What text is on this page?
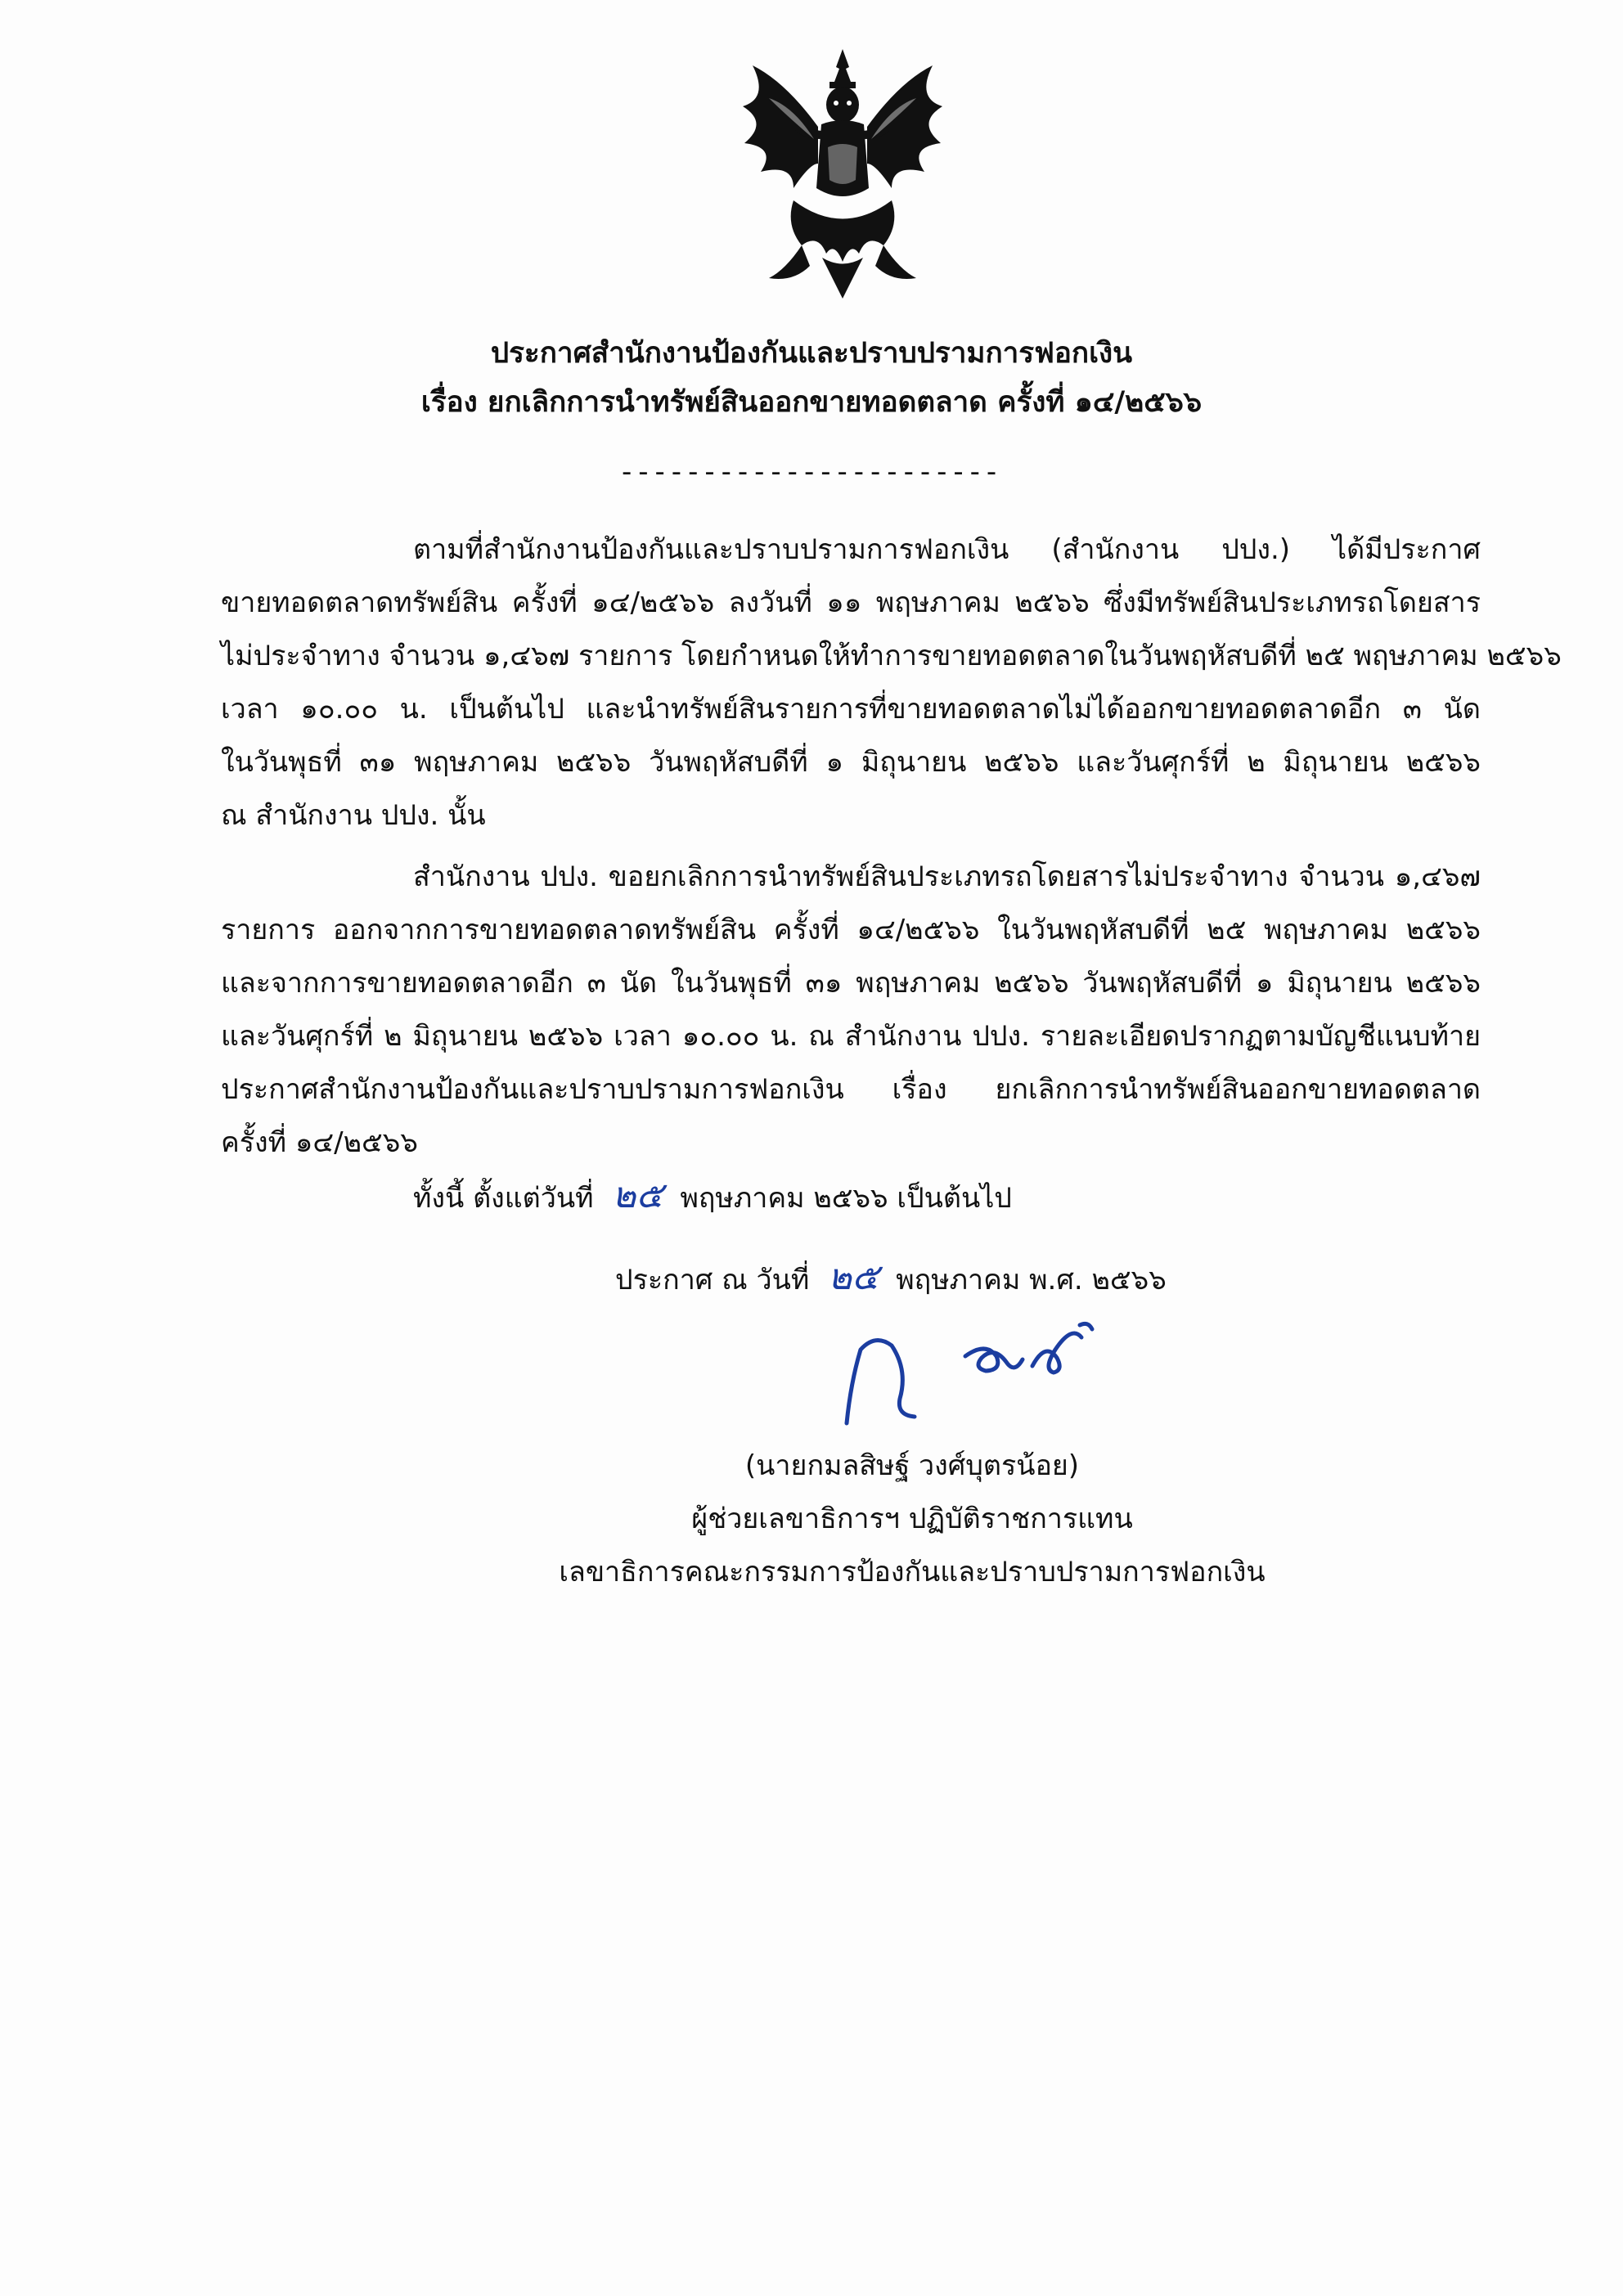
ประกาศสำนักงานป้องกันและปราบปรามการฟอกเงิน
เรื่อง ยกเลิกการนำทรัพย์สินออกขายทอดตลาด ครั้งที่ ๑๔/๒๕๖๖
-----------------------
ตามที่สำนักงานป้องกันและปราบปรามการฟอกเงิน (สำนักงาน ปปง.) ได้มีประกาศ
ขายทอดตลาดทรัพย์สิน ครั้งที่ ๑๔/๒๕๖๖ ลงวันที่ ๑๑ พฤษภาคม ๒๕๖๖ ซึ่งมีทรัพย์สินประเภทรถโดยสาร
ไม่ประจำทาง จำนวน ๑,๔๖๗ รายการ โดยกำหนดให้ทำการขายทอดตลาดในวันพฤหัสบดีที่ ๒๕ พฤษภาคม ๒๕๖๖
เวลา ๑๐.๐๐ น. เป็นต้นไป และนำทรัพย์สินรายการที่ขายทอดตลาดไม่ได้ออกขายทอดตลาดอีก ๓ นัด
ในวันพุธที่ ๓๑ พฤษภาคม ๒๕๖๖ วันพฤหัสบดีที่ ๑ มิถุนายน ๒๕๖๖ และวันศุกร์ที่ ๒ มิถุนายน ๒๕๖๖
ณ สำนักงาน ปปง. นั้น
สำนักงาน ปปง. ขอยกเลิกการนำทรัพย์สินประเภทรถโดยสารไม่ประจำทาง จำนวน ๑,๔๖๗
รายการ ออกจากการขายทอดตลาดทรัพย์สิน ครั้งที่ ๑๔/๒๕๖๖ ในวันพฤหัสบดีที่ ๒๕ พฤษภาคม ๒๕๖๖
และจากการขายทอดตลาดอีก ๓ นัด ในวันพุธที่ ๓๑ พฤษภาคม ๒๕๖๖ วันพฤหัสบดีที่ ๑ มิถุนายน ๒๕๖๖
และวันศุกร์ที่ ๒ มิถุนายน ๒๕๖๖ เวลา ๑๐.๐๐ น. ณ สำนักงาน ปปง. รายละเอียดปรากฏตามบัญชีแนบท้าย
ประกาศสำนักงานป้องกันและปราบปรามการฟอกเงิน เรื่อง ยกเลิกการนำทรัพย์สินออกขายทอดตลาด
ครั้งที่ ๑๔/๒๕๖๖
ทั้งนี้ ตั้งแต่วันที่ ๒๕ พฤษภาคม ๒๕๖๖ เป็นต้นไป
ประกาศ ณ วันที่ ๒๕ พฤษภาคม พ.ศ. ๒๕๖๖
(นายกมลสิษฐ์ วงศ์บุตรน้อย)
ผู้ช่วยเลขาธิการฯ ปฏิบัติราชการแทน
เลขาธิการคณะกรรมการป้องกันและปราบปรามการฟอกเงิน
